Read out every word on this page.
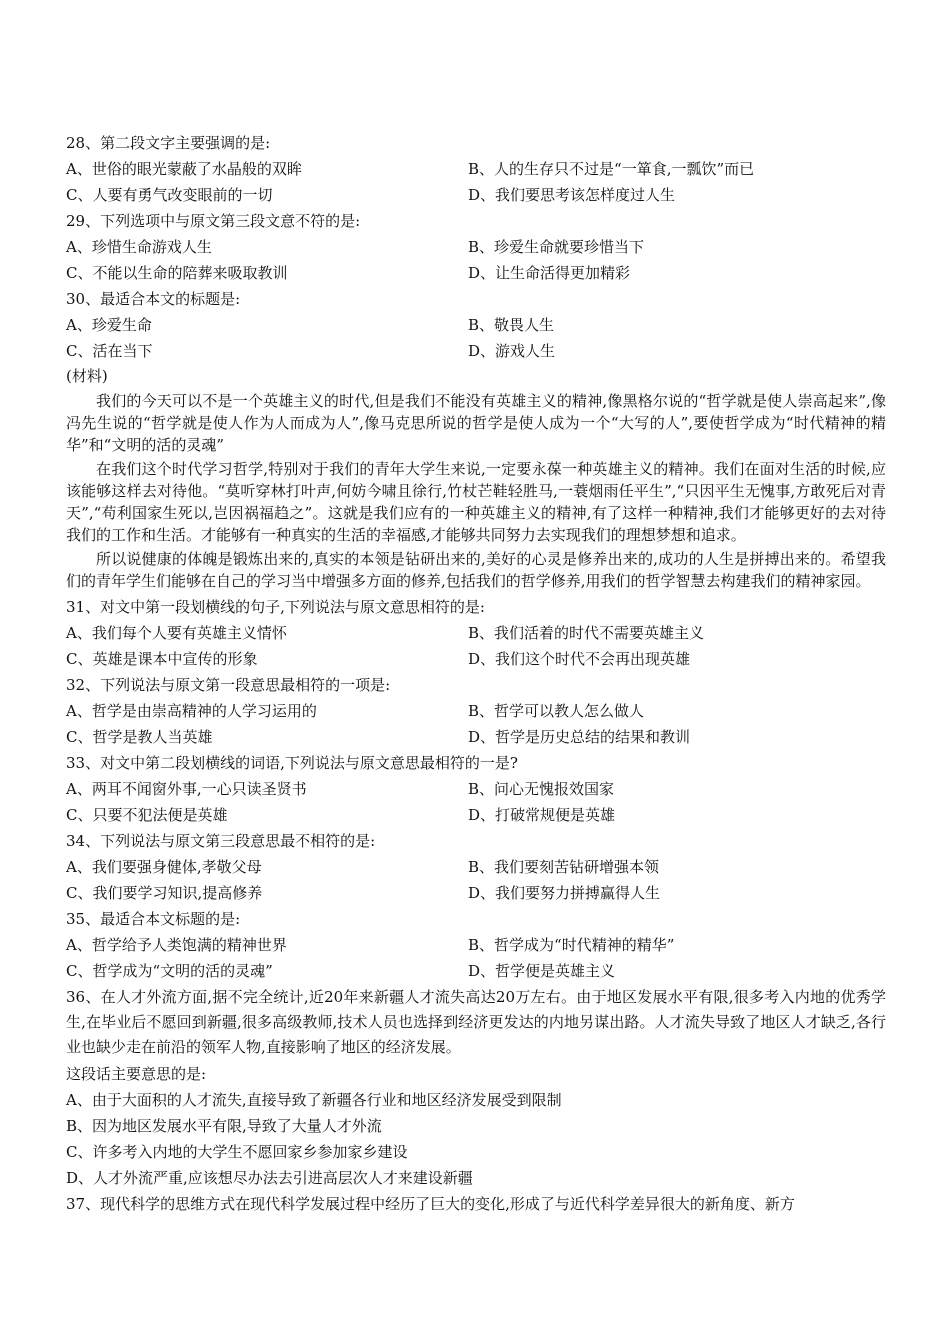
28、第二段文字主要强调的是:
A、世俗的眼光蒙蔽了水晶般的双眸	B、人的生存只不过是“一箪食,一瓢饮”而已
C、人要有勇气改变眼前的一切	D、我们要思考该怎样度过人生
29、下列选项中与原文第三段文意不符的是:
A、珍惜生命游戏人生	B、珍爱生命就要珍惜当下
C、不能以生命的陪葬来吸取教训	D、让生命活得更加精彩
30、最适合本文的标题是:
A、珍爱生命	B、敬畏人生
C、活在当下	D、游戏人生
(材料)

我们的今天可以不是一个英雄主义的时代,但是我们不能没有英雄主义的精神,像黑格尔说的“哲学就是使人崇高起来”,像冯先生说的“哲学就是使人作为人而成为人”,像马克思所说的哲学是使人成为一个“大写的人”,要使哲学成为“时代精神的精华”和“文明的活的灵魂”

在我们这个时代学习哲学,特别对于我们的青年大学生来说,一定要永葆一种英雄主义的精神。我们在面对生活的时候,应该能够这样去对待他。“莫听穿林打叶声,何妨今啸且徐行,竹杖芒鞋轻胜马,一蓑烟雨任平生”,“只因平生无愧事,方敢死后对青天”,“苟利国家生死以,岂因祸福趋之”。这就是我们应有的一种英雄主义的精神,有了这样一种精神,我们才能够更好的去对待我们的工作和生活。才能够有一种真实的生活的幸福感,才能够共同努力去实现我们的理想梦想和追求。

所以说健康的体魄是锻炼出来的,真实的本领是钻研出来的,美好的心灵是修养出来的,成功的人生是拼搏出来的。希望我们的青年学生们能够在自己的学习当中增强多方面的修养,包括我们的哲学修养,用我们的哲学智慧去构建我们的精神家园。

31、对文中第一段划横线的句子,下列说法与原文意思相符的是:
A、我们每个人要有英雄主义情怀	B、我们活着的时代不需要英雄主义
C、英雄是课本中宣传的形象	D、我们这个时代不会再出现英雄
32、下列说法与原文第一段意思最相符的一项是:
A、哲学是由崇高精神的人学习运用的	B、哲学可以教人怎么做人
C、哲学是教人当英雄	D、哲学是历史总结的结果和教训
33、对文中第二段划横线的词语,下列说法与原文意思最相符的一是?
A、两耳不闻窗外事,一心只读圣贤书	B、问心无愧报效国家
C、只要不犯法便是英雄	D、打破常规便是英雄
34、下列说法与原文第三段意思最不相符的是:
A、我们要强身健体,孝敬父母	B、我们要刻苦钻研增强本领
C、我们要学习知识,提高修养	D、我们要努力拼搏赢得人生
35、最适合本文标题的是:
A、哲学给予人类饱满的精神世界	B、哲学成为“时代精神的精华”
C、哲学成为“文明的活的灵魂”	D、哲学便是英雄主义

36、在人才外流方面,据不完全统计,近20年来新疆人才流失高达20万左右。由于地区发展水平有限,很多考入内地的优秀学生,在毕业后不愿回到新疆,很多高级教师,技术人员也选择到经济更发达的内地另谋出路。人才流失导致了地区人才缺乏,各行业也缺少走在前沿的领军人物,直接影响了地区的经济发展。

这段话主要意思的是:
A、由于大面积的人才流失,直接导致了新疆各行业和地区经济发展受到限制
B、因为地区发展水平有限,导致了大量人才外流
C、许多考入内地的大学生不愿回家乡参加家乡建设
D、人才外流严重,应该想尽办法去引进高层次人才来建设新疆
37、现代科学的思维方式在现代科学发展过程中经历了巨大的变化,形成了与近代科学差异很大的新角度、新方
